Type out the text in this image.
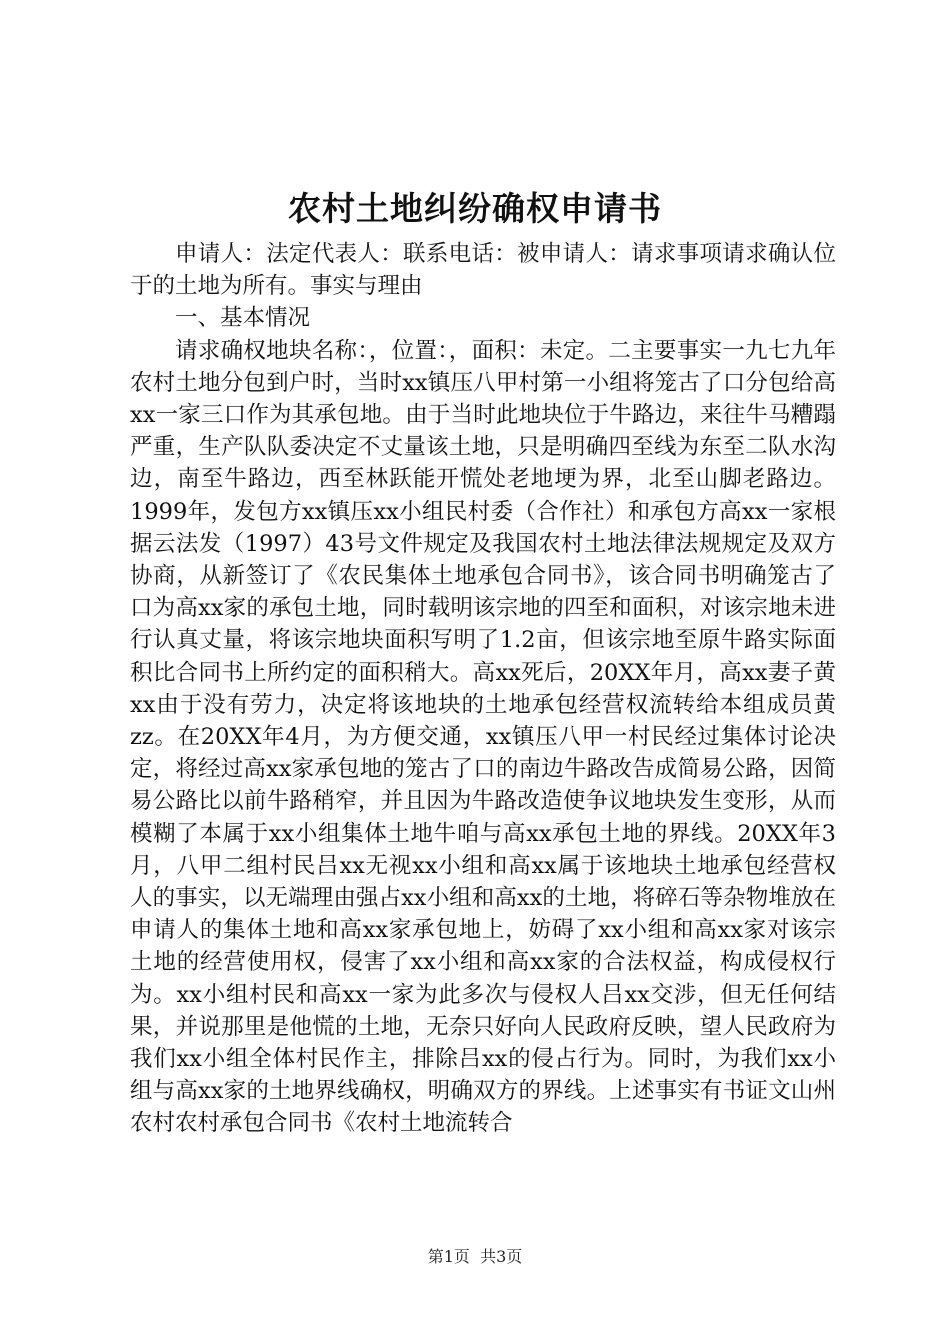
农村土地纠纷确权申请书

申请人：法定代表人：联系电话：被申请人：请求事项请求确认位于的土地为所有。事实与理由

一、基本情况

请求确权地块名称：，位置：，面积：未定。二主要事实一九七九年农村土地分包到户时，当时xx镇压八甲村第一小组将笼古了口分包给高xx一家三口作为其承包地。由于当时此地块位于牛路边，来往牛马糟蹋严重，生产队队委决定不丈量该土地，只是明确四至线为东至二队水沟边，南至牛路边，西至林跃能开慌处老地埂为界，北至山脚老路边。1999年，发包方xx镇压xx小组民村委（合作社）和承包方高xx一家根据云法发（1997）43号文件规定及我国农村土地法律法规规定及双方协商，从新签订了《农民集体土地承包合同书》，该合同书明确笼古了口为高xx家的承包土地，同时载明该宗地的四至和面积，对该宗地未进行认真丈量，将该宗地块面积写明了1.2亩，但该宗地至原牛路实际面积比合同书上所约定的面积稍大。高xx死后，20XX年月，高xx妻子黄xx由于没有劳力，决定将该地块的土地承包经营权流转给本组成员黄zz。在20XX年4月，为方便交通，xx镇压八甲一村民经过集体讨论决定，将经过高xx家承包地的笼古了口的南边牛路改告成简易公路，因简易公路比以前牛路稍窄，并且因为牛路改造使争议地块发生变形，从而模糊了本属于xx小组集体土地牛咱与高xx承包土地的界线。20XX年3月，八甲二组村民吕xx无视xx小组和高xx属于该地块土地承包经营权人的事实，以无端理由强占xx小组和高xx的土地，将碎石等杂物堆放在申请人的集体土地和高xx家承包地上，妨碍了xx小组和高xx家对该宗土地的经营使用权，侵害了xx小组和高xx家的合法权益，构成侵权行为。xx小组村民和高xx一家为此多次与侵权人吕xx交涉，但无任何结果，并说那里是他慌的土地，无奈只好向人民政府反映，望人民政府为我们xx小组全体村民作主，排除吕xx的侵占行为。同时，为我们xx小组与高xx家的土地界线确权，明确双方的界线。上述事实有书证文山州农村农村承包合同书《农村土地流转合

第1页 共3页
